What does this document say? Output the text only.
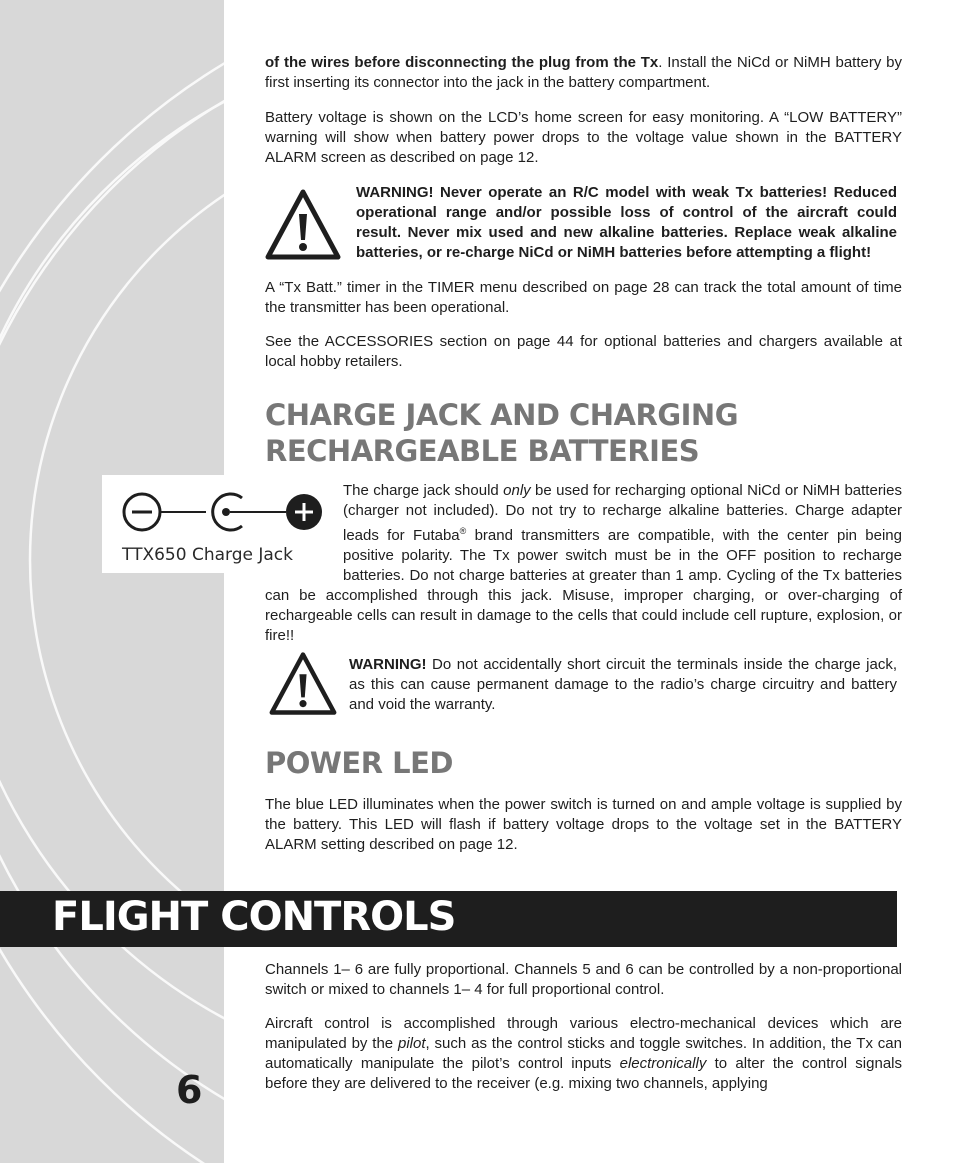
6

of the wires before disconnecting the plug from the Tx. Install the NiCd or NiMH battery by first inserting its connector into the jack in the battery compartment.

Battery voltage is shown on the LCD’s home screen for easy monitoring. A “LOW BATTERY” warning will show when battery power drops to the voltage value shown in the BATTERY ALARM screen as described on page 12.

WARNING! Never operate an R/C model with weak Tx batteries! Reduced operational range and/or possible loss of control of the aircraft could result. Never mix used and new alkaline batteries. Replace weak alkaline batteries, or re-charge NiCd or NiMH batteries before attempting a flight!

A “Tx Batt.” timer in the TIMER menu described on page 28 can track the total amount of time the transmitter has been operational.

See the ACCESSORIES section on page 44 for optional batteries and chargers available at local hobby retailers.

CHARGE JACK AND CHARGING
RECHARGEABLE BATTERIES
TTX650 Charge Jack

The charge jack should only be used for recharging optional NiCd or NiMH batteries (charger not included). Do not try to recharge alkaline batteries. Charge adapter leads for Futaba® brand transmitters are compatible, with the center pin being positive polarity. The Tx power switch must be in the OFF position to recharge batteries. Do not charge batteries at greater than 1 amp. Cycling of the Tx batteries can be accomplished through this jack. Misuse, improper charging, or over-charging of rechargeable cells can result in damage to the cells that could include cell rupture, explosion, or fire!!

WARNING! Do not accidentally short circuit the terminals inside the charge jack, as this can cause permanent damage to the radio’s charge circuitry and battery and void the warranty.

POWER LED

The blue LED illuminates when the power switch is turned on and ample voltage is supplied by the battery. This LED will flash if battery voltage drops to the voltage set in the BATTERY ALARM setting described on page 12.

FLIGHT CONTROLS

Channels 1– 6 are fully proportional. Channels 5 and 6 can be controlled by a non-proportional switch or mixed to channels 1– 4 for full proportional control.

Aircraft control is accomplished through various electro-mechanical devices which are manipulated by the pilot, such as the control sticks and toggle switches. In addition, the Tx can automatically manipulate the pilot’s control inputs electronically to alter the control signals before they are delivered to the receiver (e.g. mixing two channels, applying
